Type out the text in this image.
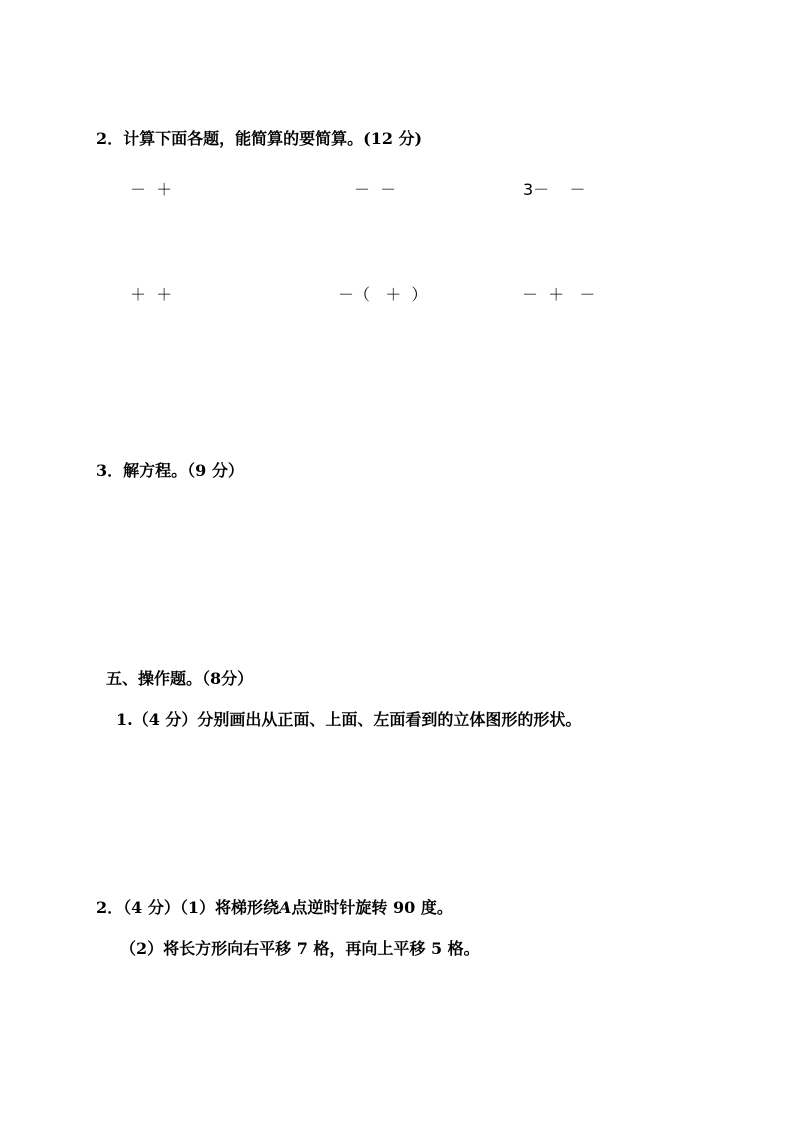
2．计算下面各题，能简算的要简算。(12 分)
－  ＋	－  －	3－    －
＋  ＋	－（   ＋  ）	－  ＋   －
3．解方程。（9 分）
五、操作题。（8分）
1.（4 分）分别画出从正面、上面、左面看到的立体图形的形状。
2．（4 分）（1）将梯形绕A点逆时针旋转 90 度。
（2）将长方形向右平移 7 格，再向上平移 5 格。
